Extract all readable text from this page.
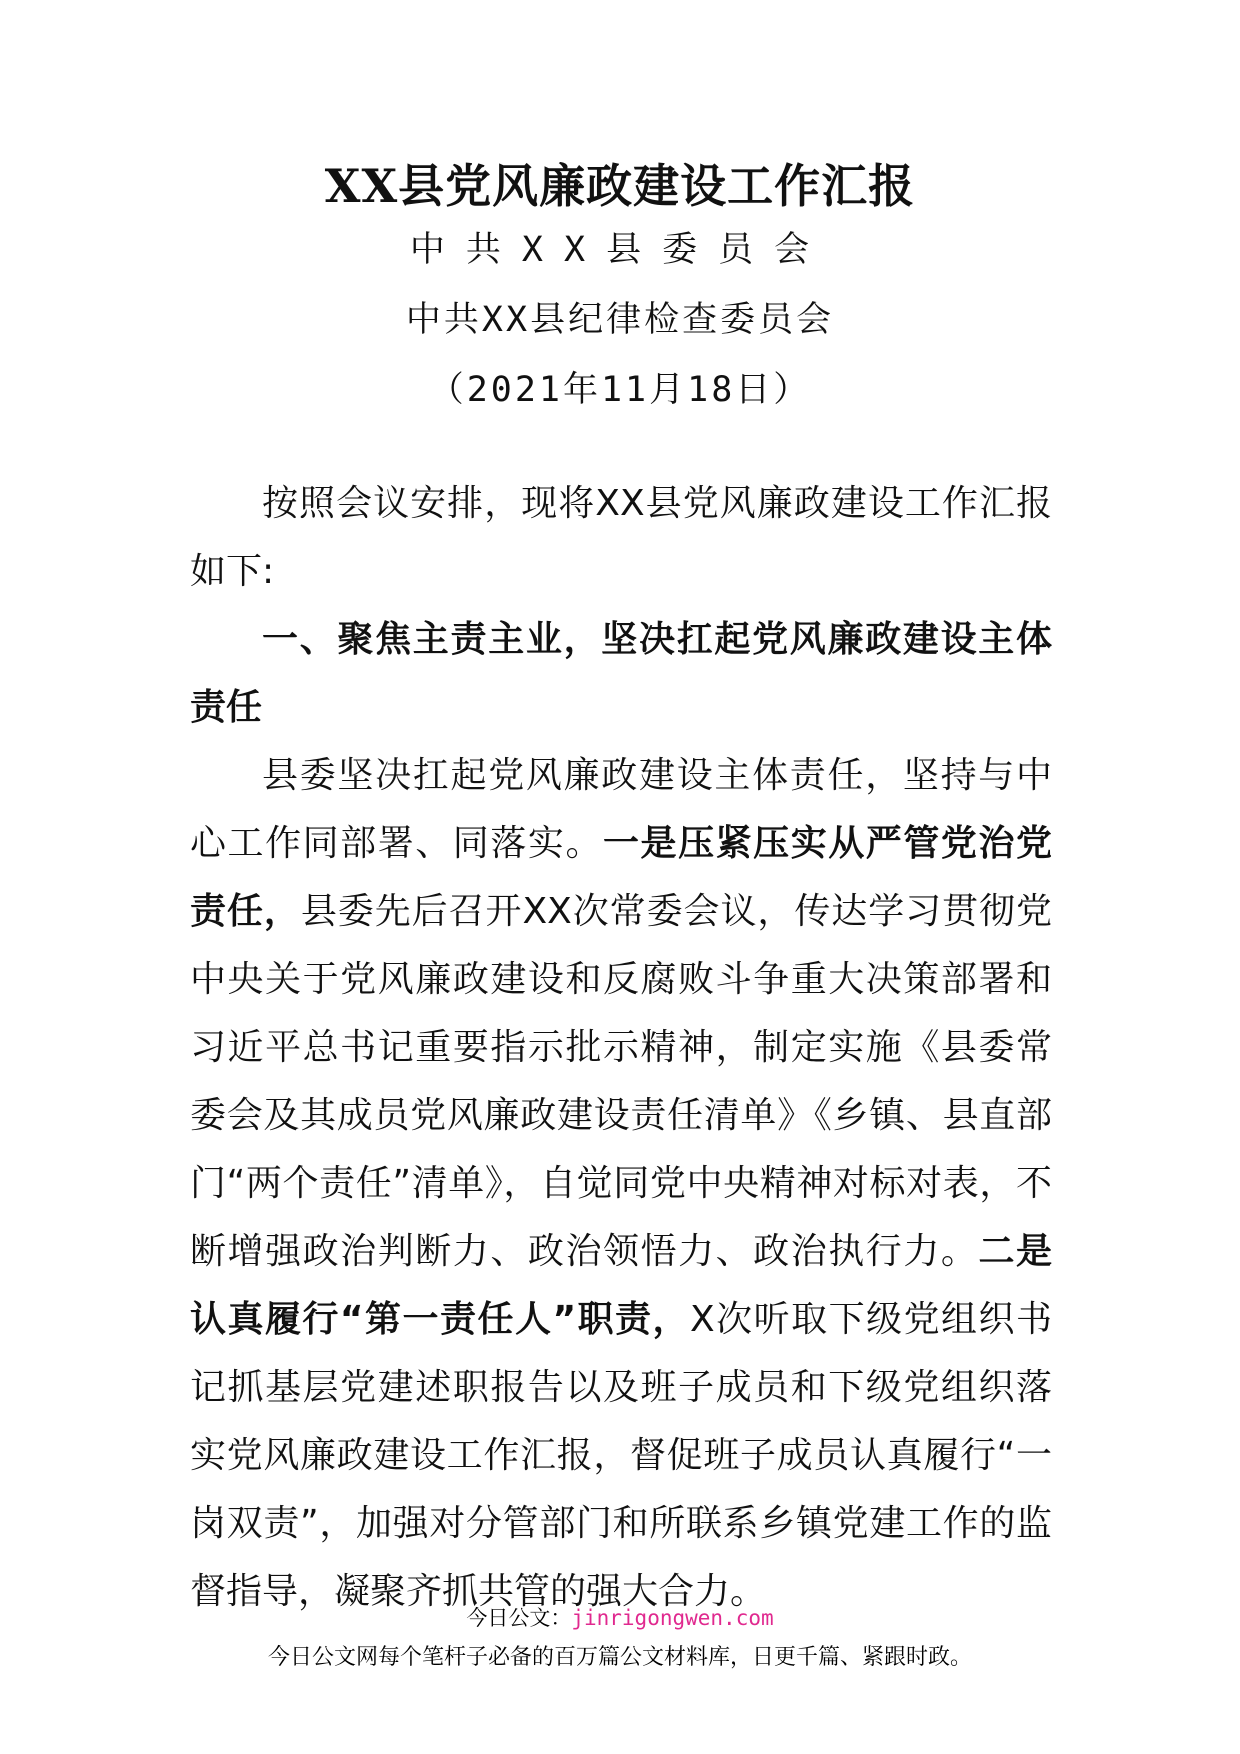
XX县党风廉政建设工作汇报
中共XX县委员会
中共XX县纪律检查委员会
（2021年11月18日）

按照会议安排，现将XX县党风廉政建设工作汇报如下:

一、聚焦主责主业，坚决扛起党风廉政建设主体责任

县委坚决扛起党风廉政建设主体责任，坚持与中心工作同部署、同落实。一是压紧压实从严管党治党责任，县委先后召开XX次常委会议，传达学习贯彻党中央关于党风廉政建设和反腐败斗争重大决策部署和习近平总书记重要指示批示精神，制定实施《县委常委会及其成员党风廉政建设责任清单》《乡镇、县直部门“两个责任”清单》，自觉同党中央精神对标对表，不断增强政治判断力、政治领悟力、政治执行力。二是认真履行“第一责任人”职责，X次听取下级党组织书记抓基层党建述职报告以及班子成员和下级党组织落实党风廉政建设工作汇报，督促班子成员认真履行“一岗双责”，加强对分管部门和所联系乡镇党建工作的监督指导，凝聚齐抓共管的强大合力。

今日公文：jinrigongwen.com
今日公文网每个笔杆子必备的百万篇公文材料库，日更千篇、紧跟时政。
